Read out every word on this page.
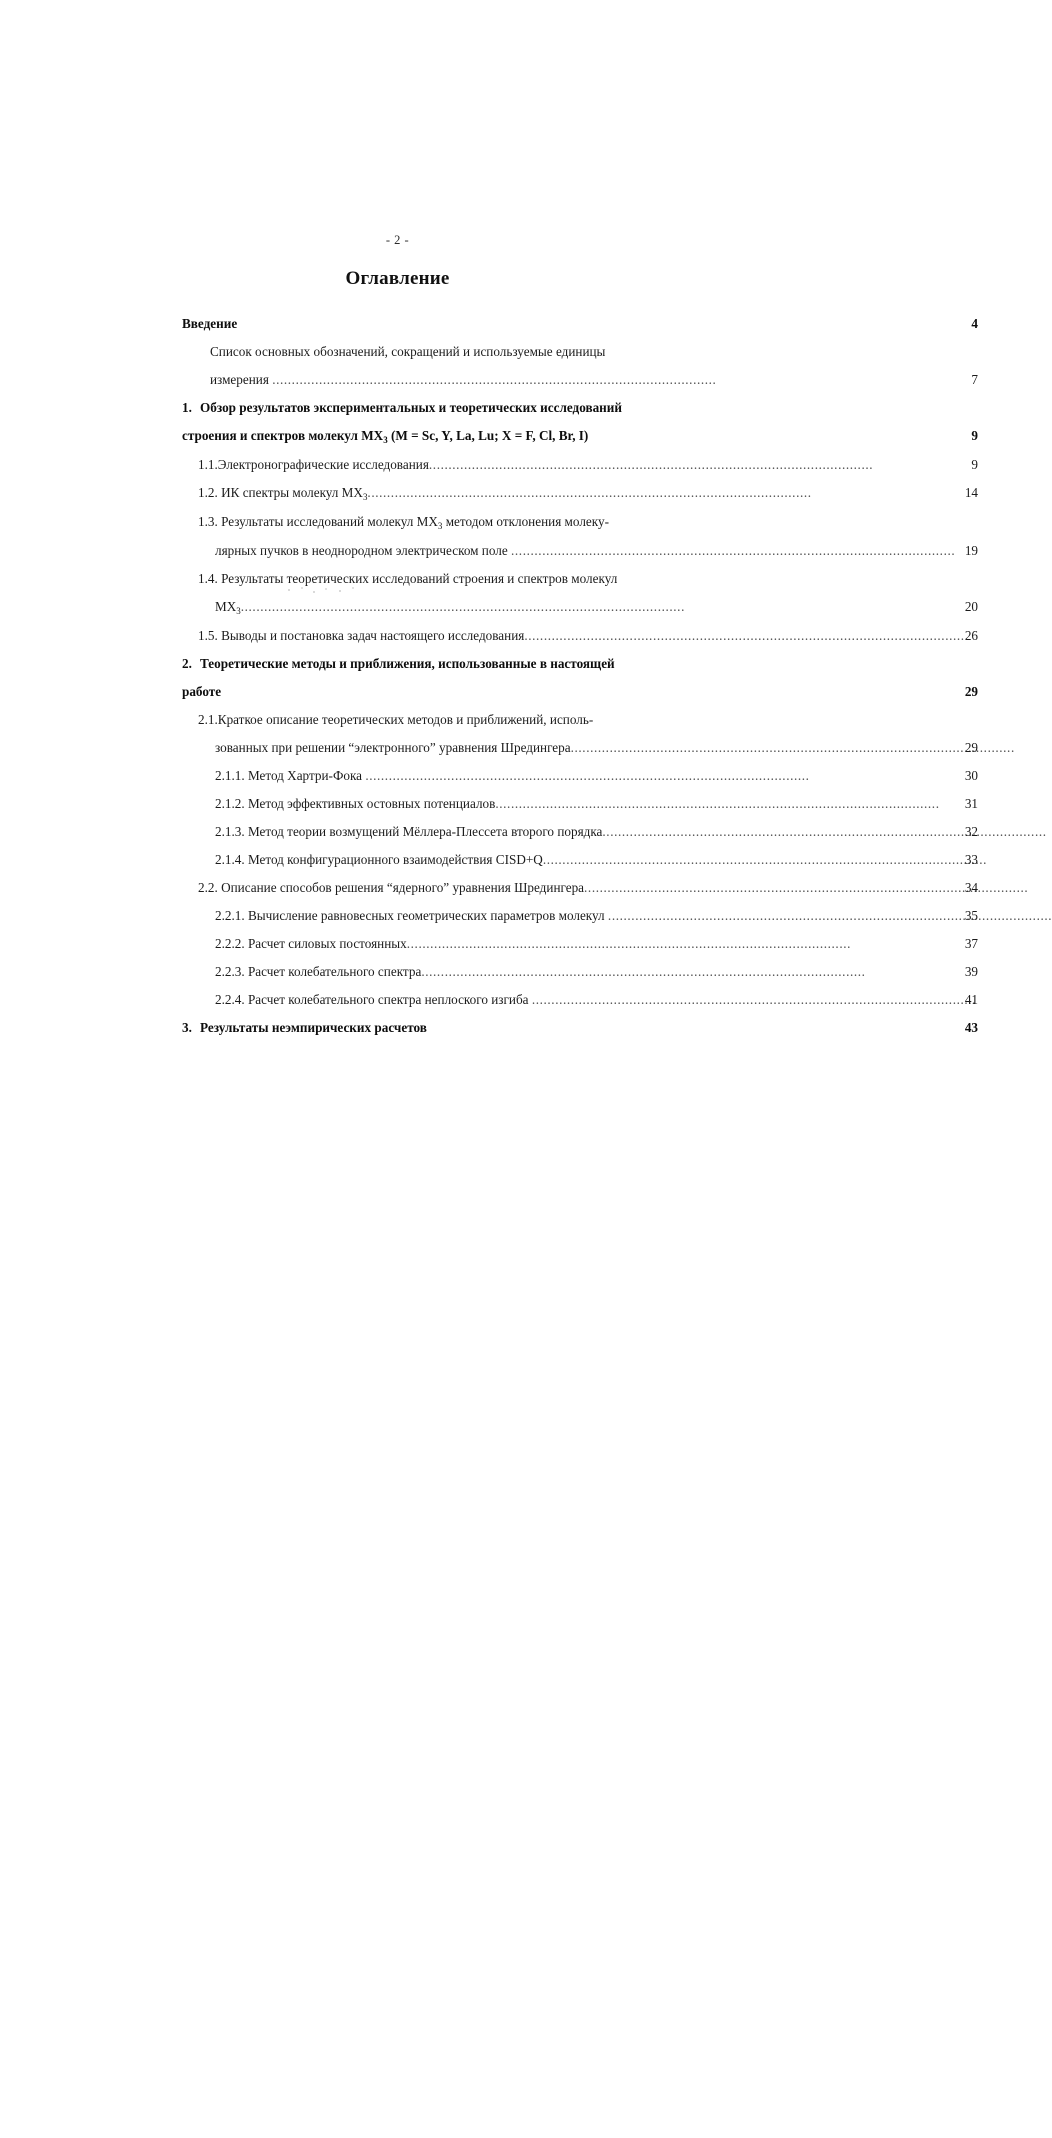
- 2 -
Оглавление
Введение	4
Список основных обозначений, сокращений и используемые единицы
измерения .....	7
1. Обзор результатов экспериментальных и теоретических исследований
строения и спектров молекул $MX_3$ (M = Sc, Y, La, Lu; X = F, Cl, Br, I)	9
1.1.Электронографические исследования .....	9
1.2. ИК спектры молекул $MX_3$ .....	14
1.3. Результаты исследований молекул $MX_3$ методом отклонения молеку-
лярных пучков в неоднородном электрическом поле .....	19
1.4. Результаты теоретических исследований строения и спектров молекул
$MX_3$ .....	20
1.5. Выводы и постановка задач настоящего исследования .....	26
2. Теоретические методы и приближения, использованные в настоящей
работе	29
2.1.Краткое описание теоретических методов и приближений, исполь-
зованных при решении “электронного” уравнения Шредингера .....	29
2.1.1. Метод Хартри-Фока .....	30
2.1.2. Метод эффективных остовных потенциалов .....	31
2.1.3. Метод теории возмущений Мёллера-Плессета второго порядка .....	32
2.1.4. Метод конфигурационного взаимодействия CISD+Q .....	33
2.2. Описание способов решения “ядерного” уравнения Шредингера .....	34
2.2.1. Вычисление равновесных геометрических параметров молекул .....	35
2.2.2. Расчет силовых постоянных .....	37
2.2.3. Расчет колебательного спектра .....	39
2.2.4. Расчет колебательного спектра неплоского изгиба .....	41
3. Результаты неэмпирических расчетов	43
